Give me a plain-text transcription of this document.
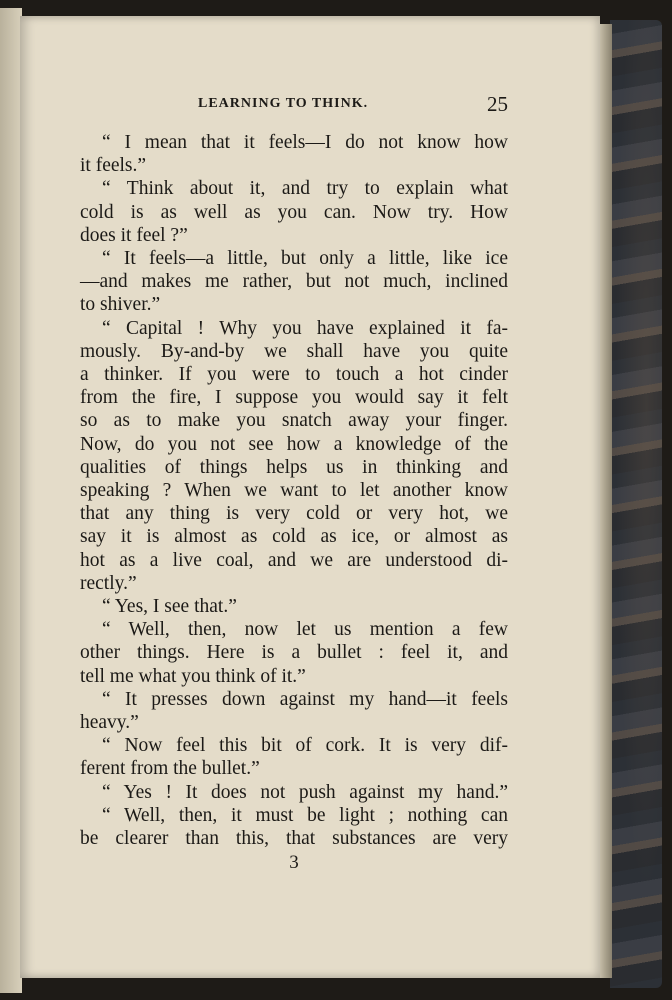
LEARNING TO THINK.	25
“ I mean that it feels—I do not know how
it feels.”
“ Think about it, and try to explain what
cold is as well as you can. Now try. How
does it feel ?”
“ It feels—a little, but only a little, like ice
—and makes me rather, but not much, inclined
to shiver.”
“ Capital ! Why you have explained it fa-
mously. By-and-by we shall have you quite
a thinker. If you were to touch a hot cinder
from the fire, I suppose you would say it felt
so as to make you snatch away your finger.
Now, do you not see how a knowledge of the
qualities of things helps us in thinking and
speaking ? When we want to let another know
that any thing is very cold or very hot, we
say it is almost as cold as ice, or almost as
hot as a live coal, and we are understood di-
rectly.”
“ Yes, I see that.”
“ Well, then, now let us mention a few
other things. Here is a bullet : feel it, and
tell me what you think of it.”
“ It presses down against my hand—it feels
heavy.”
“ Now feel this bit of cork. It is very dif-
ferent from the bullet.”
“ Yes ! It does not push against my hand.”
“ Well, then, it must be light ; nothing can
be clearer than this, that substances are very
3
